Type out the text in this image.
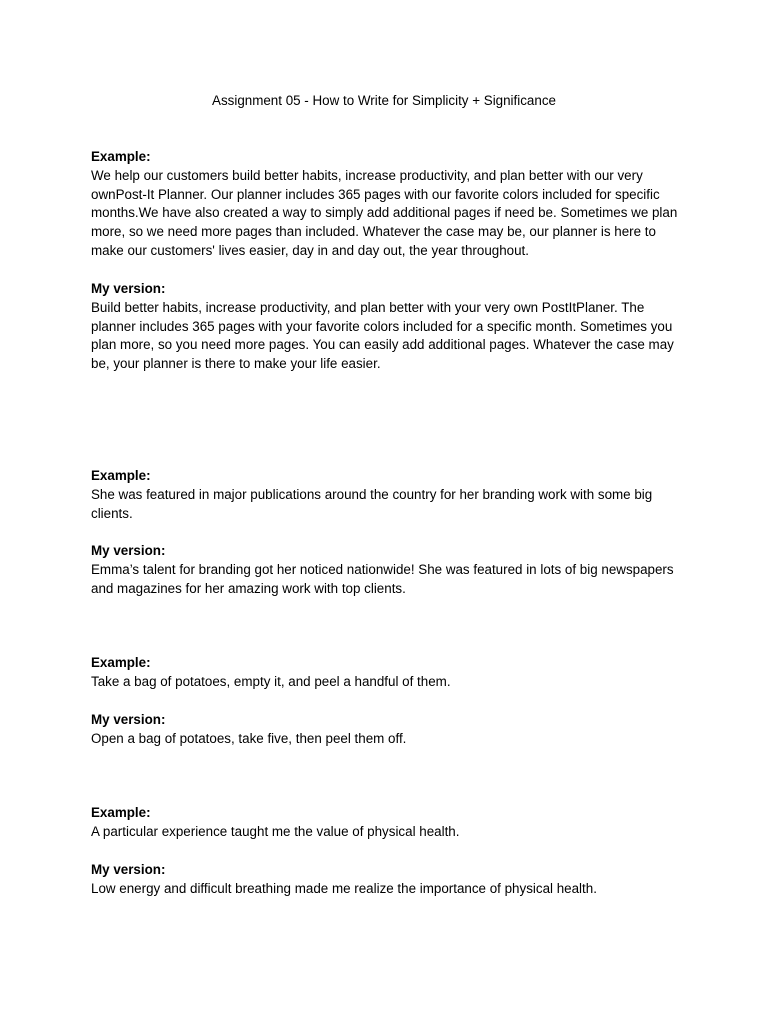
Assignment 05 - How to Write for Simplicity + Significance

Example:

We help our customers build better habits, increase productivity, and plan better with our very ownPost-It Planner. Our planner includes 365 pages with our favorite colors included for specific months.We have also created a way to simply add additional pages if need be. Sometimes we plan more, so we need more pages than included. Whatever the case may be, our planner is here to make our customers' lives easier, day in and day out, the year throughout.

My version:

Build better habits, increase productivity, and plan better with your very own PostItPlaner. The planner includes 365 pages with your favorite colors included for a specific month. Sometimes you plan more, so you need more pages. You can easily add additional pages. Whatever the case may be, your planner is there to make your life easier.

Example:

She was featured in major publications around the country for her branding work with some big clients.

My version:

Emma’s talent for branding got her noticed nationwide! She was featured in lots of big newspapers and magazines for her amazing work with top clients.

Example:

Take a bag of potatoes, empty it, and peel a handful of them.

My version:

Open a bag of potatoes, take five, then peel them off.

Example:

A particular experience taught me the value of physical health.

My version:

Low energy and difficult breathing made me realize the importance of physical health.
